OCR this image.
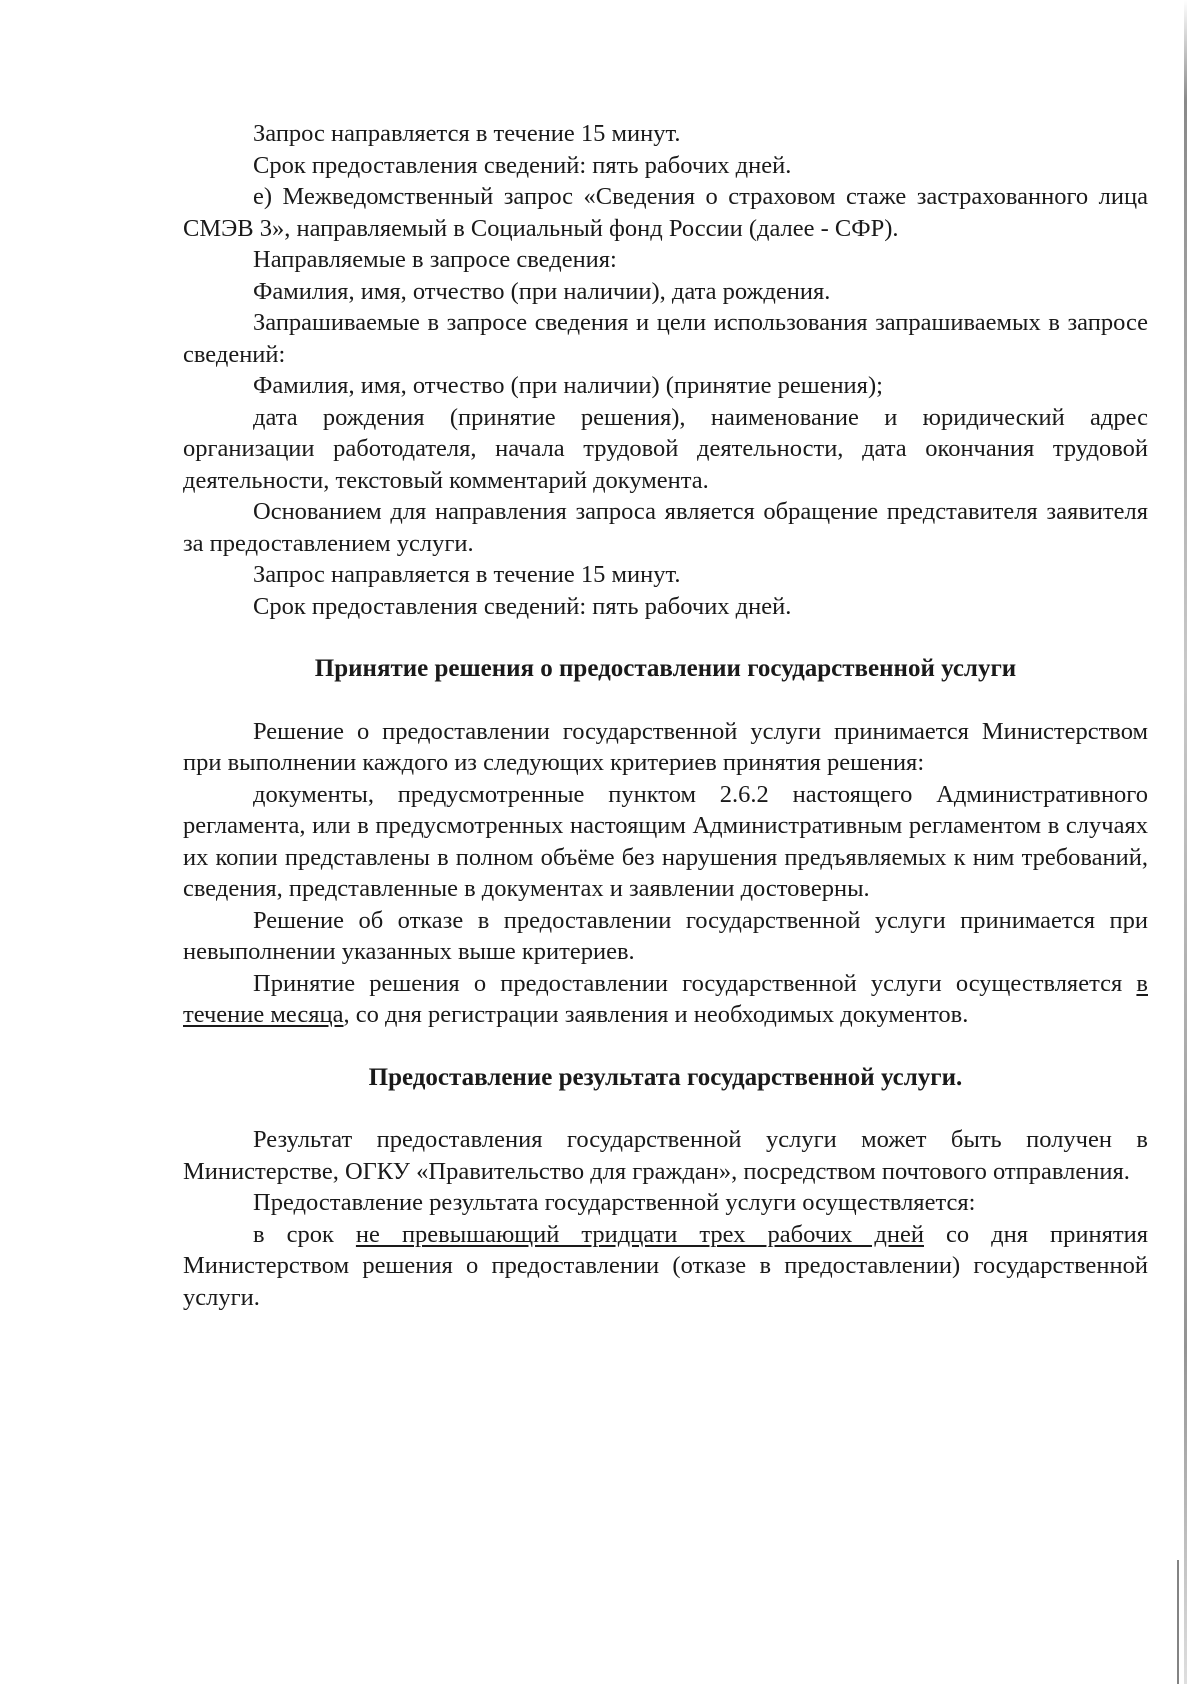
Запрос направляется в течение 15 минут.

Срок предоставления сведений: пять рабочих дней.

е) Межведомственный запрос «Сведения о страховом стаже застрахованного лица СМЭВ 3», направляемый в Социальный фонд России (далее - СФР).

Направляемые в запросе сведения:

Фамилия, имя, отчество (при наличии), дата рождения.

Запрашиваемые в запросе сведения и цели использования запрашиваемых в запросе сведений:

Фамилия, имя, отчество (при наличии) (принятие решения);

дата рождения (принятие решения), наименование и юридический адрес организации работодателя, начала трудовой деятельности, дата окончания трудовой деятельности, текстовый комментарий документа.

Основанием для направления запроса является обращение представителя заявителя за предоставлением услуги.

Запрос направляется в течение 15 минут.

Срок предоставления сведений: пять рабочих дней.

Принятие решения о предоставлении государственной услуги

Решение о предоставлении государственной услуги принимается Министерством при выполнении каждого из следующих критериев принятия решения:

документы, предусмотренные пунктом 2.6.2 настоящего Административного регламента, или в предусмотренных настоящим Административным регламентом в случаях их копии представлены в полном объёме без нарушения предъявляемых к ним требований, сведения, представленные в документах и заявлении достоверны.

Решение об отказе в предоставлении государственной услуги принимается при невыполнении указанных выше критериев.

Принятие решения о предоставлении государственной услуги осуществляется в течение месяца, со дня регистрации заявления и необходимых документов.

Предоставление результата государственной услуги.

Результат предоставления государственной услуги может быть получен в Министерстве, ОГКУ «Правительство для граждан», посредством почтового отправления.

Предоставление результата государственной услуги осуществляется:

в срок не превышающий тридцати трех рабочих дней со дня принятия Министерством решения о предоставлении (отказе в предоставлении) государственной услуги.
